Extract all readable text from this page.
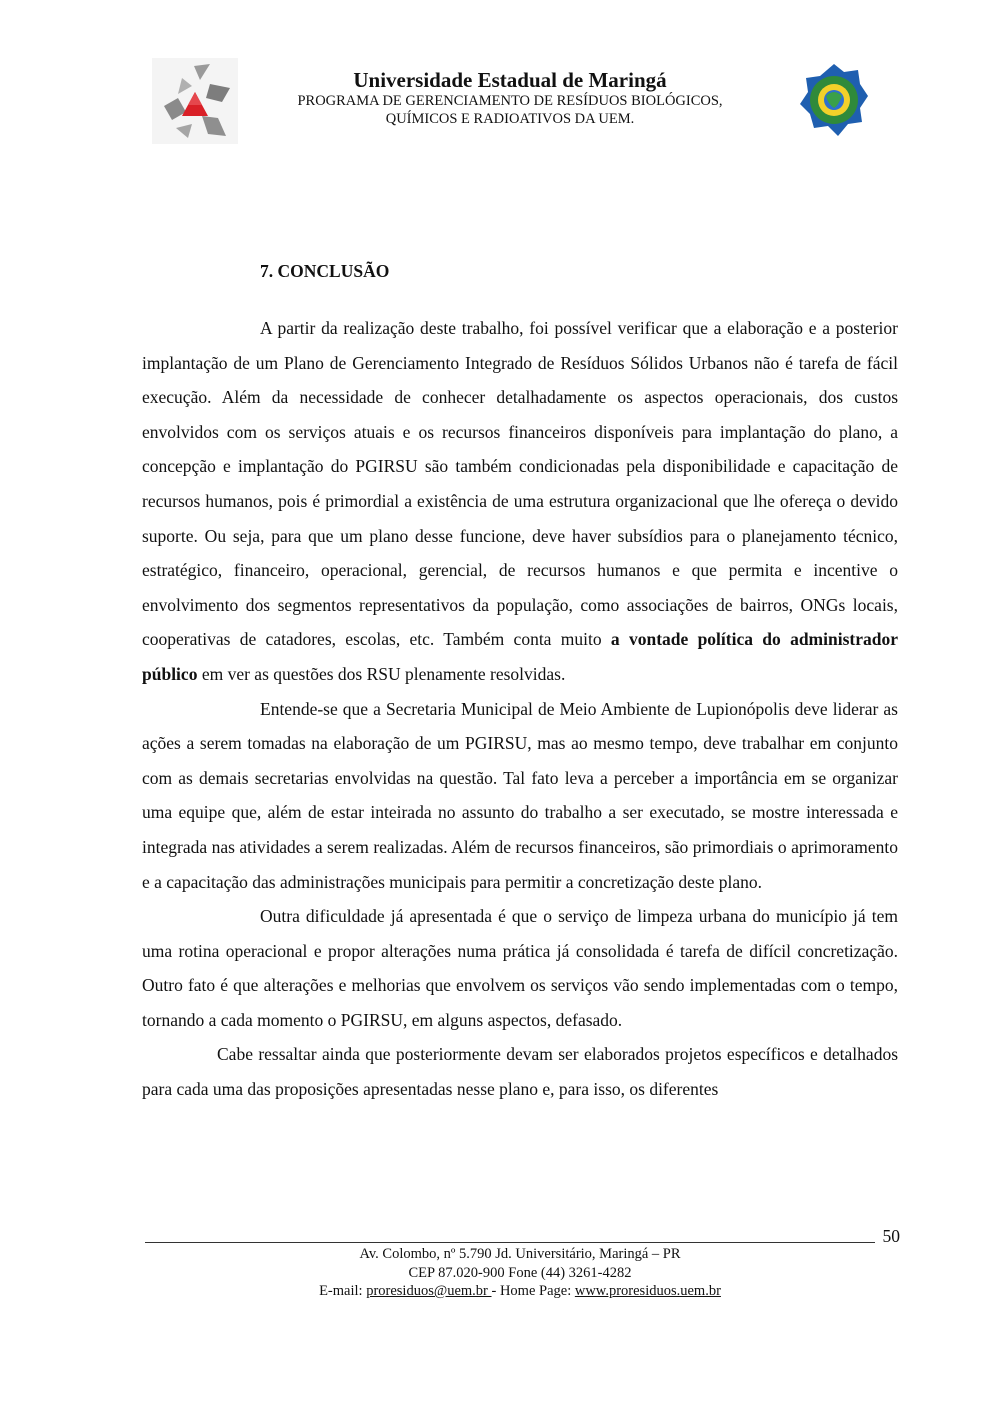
Universidade Estadual de Maringá
PROGRAMA DE GERENCIAMENTO DE RESÍDUOS BIOLÓGICOS,
QUÍMICOS E RADIOATIVOS DA UEM.
7. CONCLUSÃO

A partir da realização deste trabalho, foi possível verificar que a elaboração e a posterior implantação de um Plano de Gerenciamento Integrado de Resíduos Sólidos Urbanos não é tarefa de fácil execução. Além da necessidade de conhecer detalhadamente os aspectos operacionais, dos custos envolvidos com os serviços atuais e os recursos financeiros disponíveis para implantação do plano, a concepção e implantação do PGIRSU são também condicionadas pela disponibilidade e capacitação de recursos humanos, pois é primordial a existência de uma estrutura organizacional que lhe ofereça o devido suporte. Ou seja, para que um plano desse funcione, deve haver subsídios para o planejamento técnico, estratégico, financeiro, operacional, gerencial, de recursos humanos e que permita e incentive o envolvimento dos segmentos representativos da população, como associações de bairros, ONGs locais, cooperativas de catadores, escolas, etc. Também conta muito a vontade política do administrador público em ver as questões dos RSU plenamente resolvidas.

Entende-se que a Secretaria Municipal de Meio Ambiente de Lupionópolis deve liderar as ações a serem tomadas na elaboração de um PGIRSU, mas ao mesmo tempo, deve trabalhar em conjunto com as demais secretarias envolvidas na questão. Tal fato leva a perceber a importância em se organizar uma equipe que, além de estar inteirada no assunto do trabalho a ser executado, se mostre interessada e integrada nas atividades a serem realizadas. Além de recursos financeiros, são primordiais o aprimoramento e a capacitação das administrações municipais para permitir a concretização deste plano.

Outra dificuldade já apresentada é que o serviço de limpeza urbana do município já tem uma rotina operacional e propor alterações numa prática já consolidada é tarefa de difícil concretização. Outro fato é que alterações e melhorias que envolvem os serviços vão sendo implementadas com o tempo, tornando a cada momento o PGIRSU, em alguns aspectos, defasado.

Cabe ressaltar ainda que posteriormente devam ser elaborados projetos específicos e detalhados para cada uma das proposições apresentadas nesse plano e, para isso, os diferentes

50
Av. Colombo, nº 5.790 Jd. Universitário, Maringá – PR
CEP 87.020-900 Fone (44) 3261-4282
E-mail: proresiduos@uem.br - Home Page: www.proresiduos.uem.br
